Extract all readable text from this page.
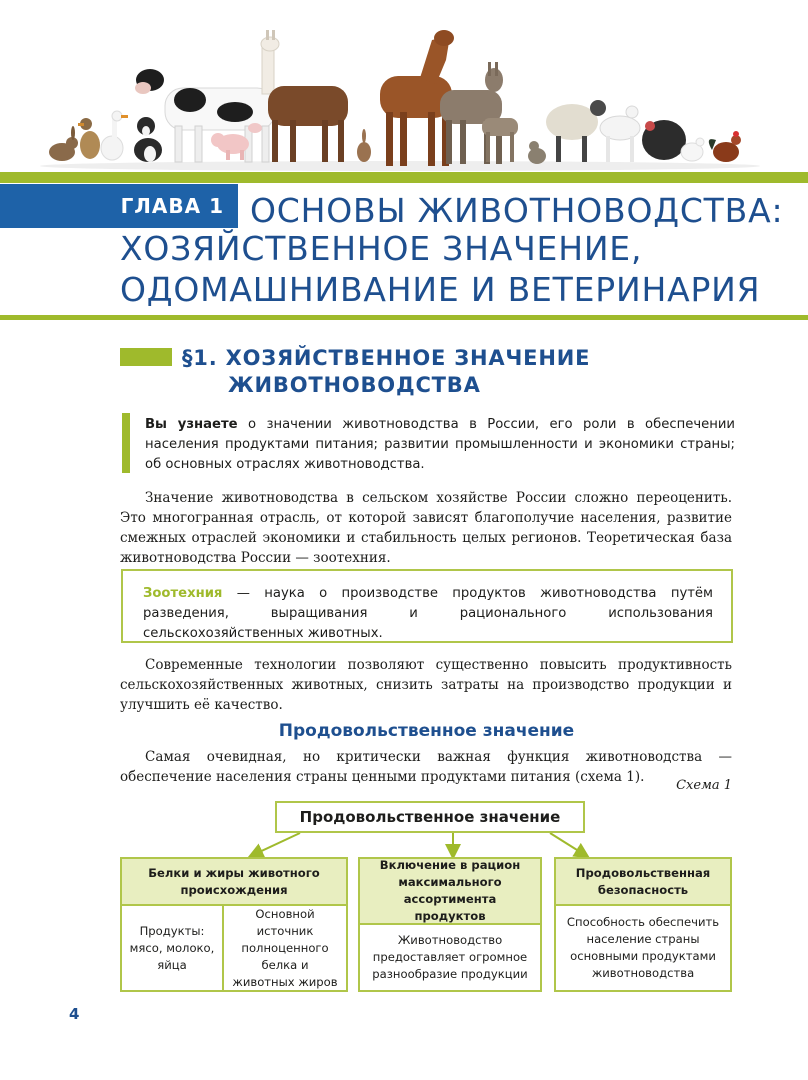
ГЛАВА 1 ОСНОВЫ ЖИВОТНОВОДСТВА:
ХОЗЯЙСТВЕННОЕ ЗНАЧЕНИЕ,
ОДОМАШНИВАНИЕ И ВЕТЕРИНАРИЯ
§1. ХОЗЯЙСТВЕННОЕ ЗНАЧЕНИЕ
ЖИВОТНОВОДСТВА
Вы узнаете о значении животноводства в России, его роли в обеспечении населения продуктами питания; развитии промышленности и экономики страны; об основных отраслях животноводства.
Значение животноводства в сельском хозяйстве России сложно переоценить. Это многогранная отрасль, от которой зависят благополучие населения, развитие смежных отраслей экономики и стабильность целых регионов. Теоретическая база животноводства России — зоотехния.
Зоотехния — наука о производстве продуктов животноводства путём разведения, выращивания и рационального использования сельскохозяйственных животных.
Современные технологии позволяют существенно повысить продуктивность сельскохозяйственных животных, снизить затраты на производство продукции и улучшить её качество.
Продовольственное значение
Самая очевидная, но критически важная функция животноводства — обеспечение населения страны ценными продуктами питания (схема 1).
Схема 1
Продовольственное значение
Белки и жиры животного происхождения
Продукты: мясо, молоко, яйца
Основной источник полноценного белка и животных жиров
Включение в рацион максимального ассортимента продуктов
Животноводство предоставляет огромное разнообразие продукции
Продовольственная безопасность
Способность обеспечить население страны основными продуктами животноводства
4
